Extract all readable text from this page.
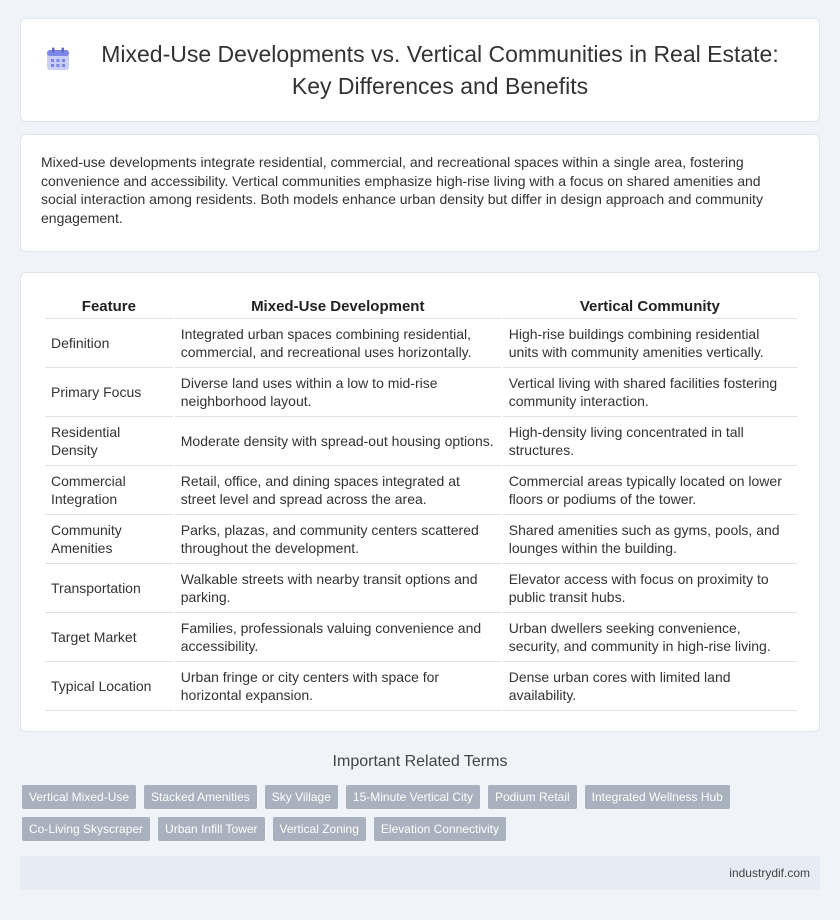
Mixed-Use Developments vs. Vertical Communities in Real Estate: Key Differences and Benefits

Mixed-use developments integrate residential, commercial, and recreational spaces within a single area, fostering convenience and accessibility. Vertical communities emphasize high-rise living with a focus on shared amenities and social interaction among residents. Both models enhance urban density but differ in design approach and community engagement.

Feature	Mixed-Use Development	Vertical Community
Definition	Integrated urban spaces combining residential, commercial, and recreational uses horizontally.	High-rise buildings combining residential units with community amenities vertically.
Primary Focus	Diverse land uses within a low to mid-rise neighborhood layout.	Vertical living with shared facilities fostering community interaction.
Residential Density	Moderate density with spread-out housing options.	High-density living concentrated in tall structures.
Commercial Integration	Retail, office, and dining spaces integrated at street level and spread across the area.	Commercial areas typically located on lower floors or podiums of the tower.
Community Amenities	Parks, plazas, and community centers scattered throughout the development.	Shared amenities such as gyms, pools, and lounges within the building.
Transportation	Walkable streets with nearby transit options and parking.	Elevator access with focus on proximity to public transit hubs.
Target Market	Families, professionals valuing convenience and accessibility.	Urban dwellers seeking convenience, security, and community in high-rise living.
Typical Location	Urban fringe or city centers with space for horizontal expansion.	Dense urban cores with limited land availability.
Important Related Terms
Vertical Mixed-Use	Stacked Amenities	Sky Village	15-Minute Vertical City	Podium Retail	Integrated Wellness Hub
Co-Living Skyscraper	Urban Infill Tower	Vertical Zoning	Elevation Connectivity
industrydif.com
